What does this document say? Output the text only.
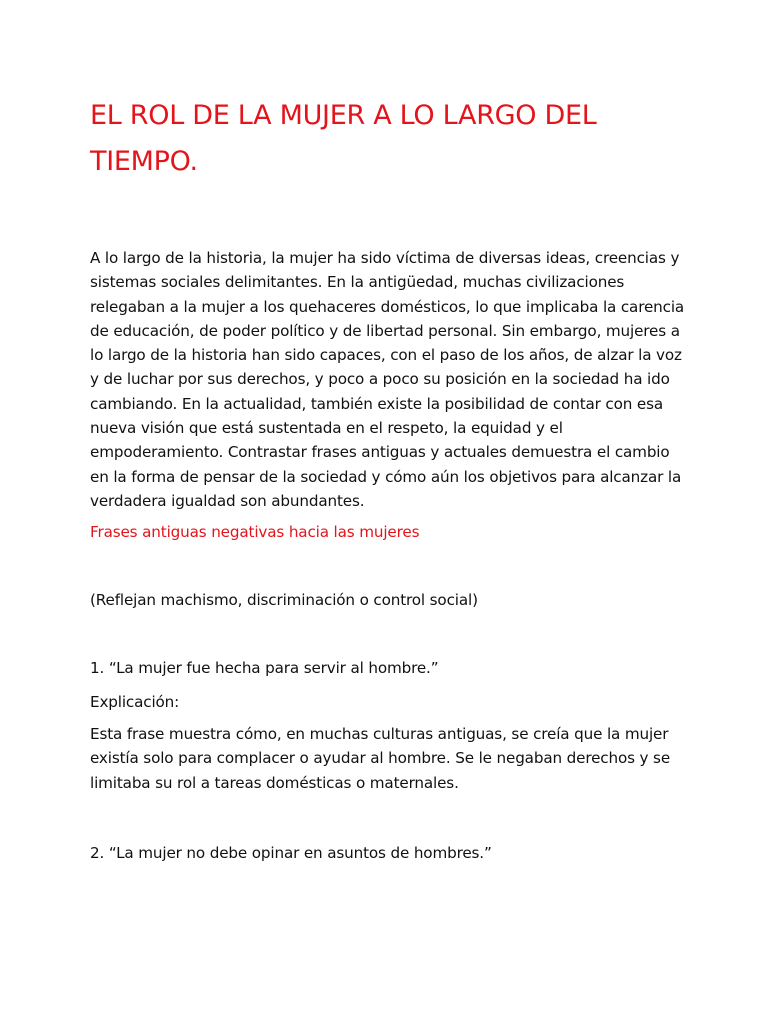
EL ROL DE LA MUJER A LO LARGO DEL TIEMPO.

A lo largo de la historia, la mujer ha sido víctima de diversas ideas, creencias y sistemas sociales delimitantes. En la antigüedad, muchas civilizaciones relegaban a la mujer a los quehaceres domésticos, lo que implicaba la carencia de educación, de poder político y de libertad personal. Sin embargo, mujeres a lo largo de la historia han sido capaces, con el paso de los años, de alzar la voz y de luchar por sus derechos, y poco a poco su posición en la sociedad ha ido cambiando. En la actualidad, también existe la posibilidad de contar con esa nueva visión que está sustentada en el respeto, la equidad y el empoderamiento. Contrastar frases antiguas y actuales demuestra el cambio en la forma de pensar de la sociedad y cómo aún los objetivos para alcanzar la verdadera igualdad son abundantes.

Frases antiguas negativas hacia las mujeres

(Reflejan machismo, discriminación o control social)

1. “La mujer fue hecha para servir al hombre.”

Explicación:

Esta frase muestra cómo, en muchas culturas antiguas, se creía que la mujer existía solo para complacer o ayudar al hombre. Se le negaban derechos y se limitaba su rol a tareas domésticas o maternales.

2. “La mujer no debe opinar en asuntos de hombres.”
